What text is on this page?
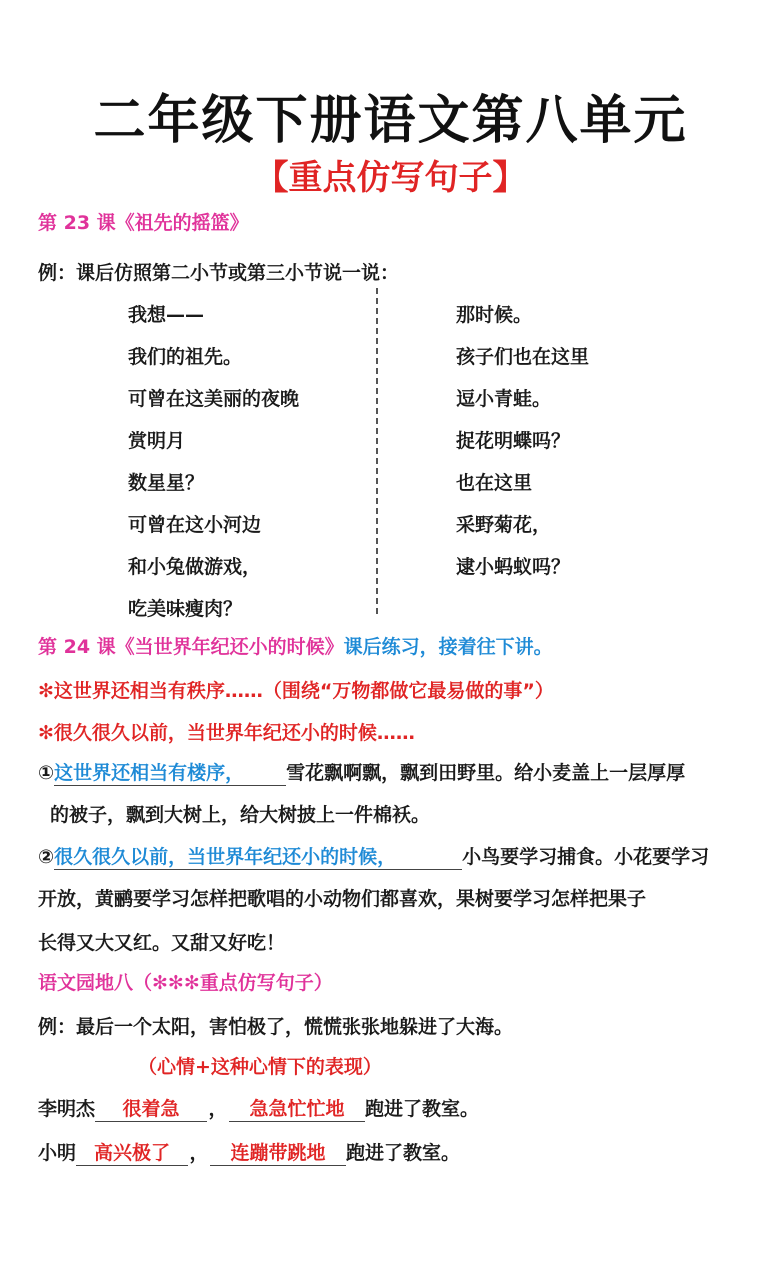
二年级下册语文第八单元
【重点仿写句子】
第 23 课《祖先的摇篮》
例：课后仿照第二小节或第三小节说一说：
我想——
我们的祖先。
可曾在这美丽的夜晚
赏明月
数星星？
可曾在这小河边
和小兔做游戏，
吃美味瘦肉？
那时候。
孩子们也在这里
逗小青蛙。
捉花明蝶吗？
也在这里
采野菊花，
逮小蚂蚁吗？
第 24 课《当世界年纪还小的时候》课后练习，接着往下讲。
✻这世界还相当有秩序……（围绕“万物都做它最易做的事”）
✻很久很久以前，当世界年纪还小的时候……
①这世界还相当有楼序， 雪花飘啊飘，飘到田野里。给小麦盖上一层厚厚
的被子，飘到大树上，给大树披上一件棉袄。
②很久很久以前，当世界年纪还小的时候，	小鸟要学习捕食。小花要学习
开放，黄鹂要学习怎样把歌唱的小动物们都喜欢，果树要学习怎样把果子
长得又大又红。又甜又好吃！
语文园地八（✻✻✻重点仿写句子）
例：最后一个太阳，害怕极了，慌慌张张地躲进了大海。
（心情+这种心情下的表现）
李明杰 很着急 ， 急急忙忙地 跑进了教室。
小明 高兴极了 ， 连蹦带跳地 跑进了教室。
